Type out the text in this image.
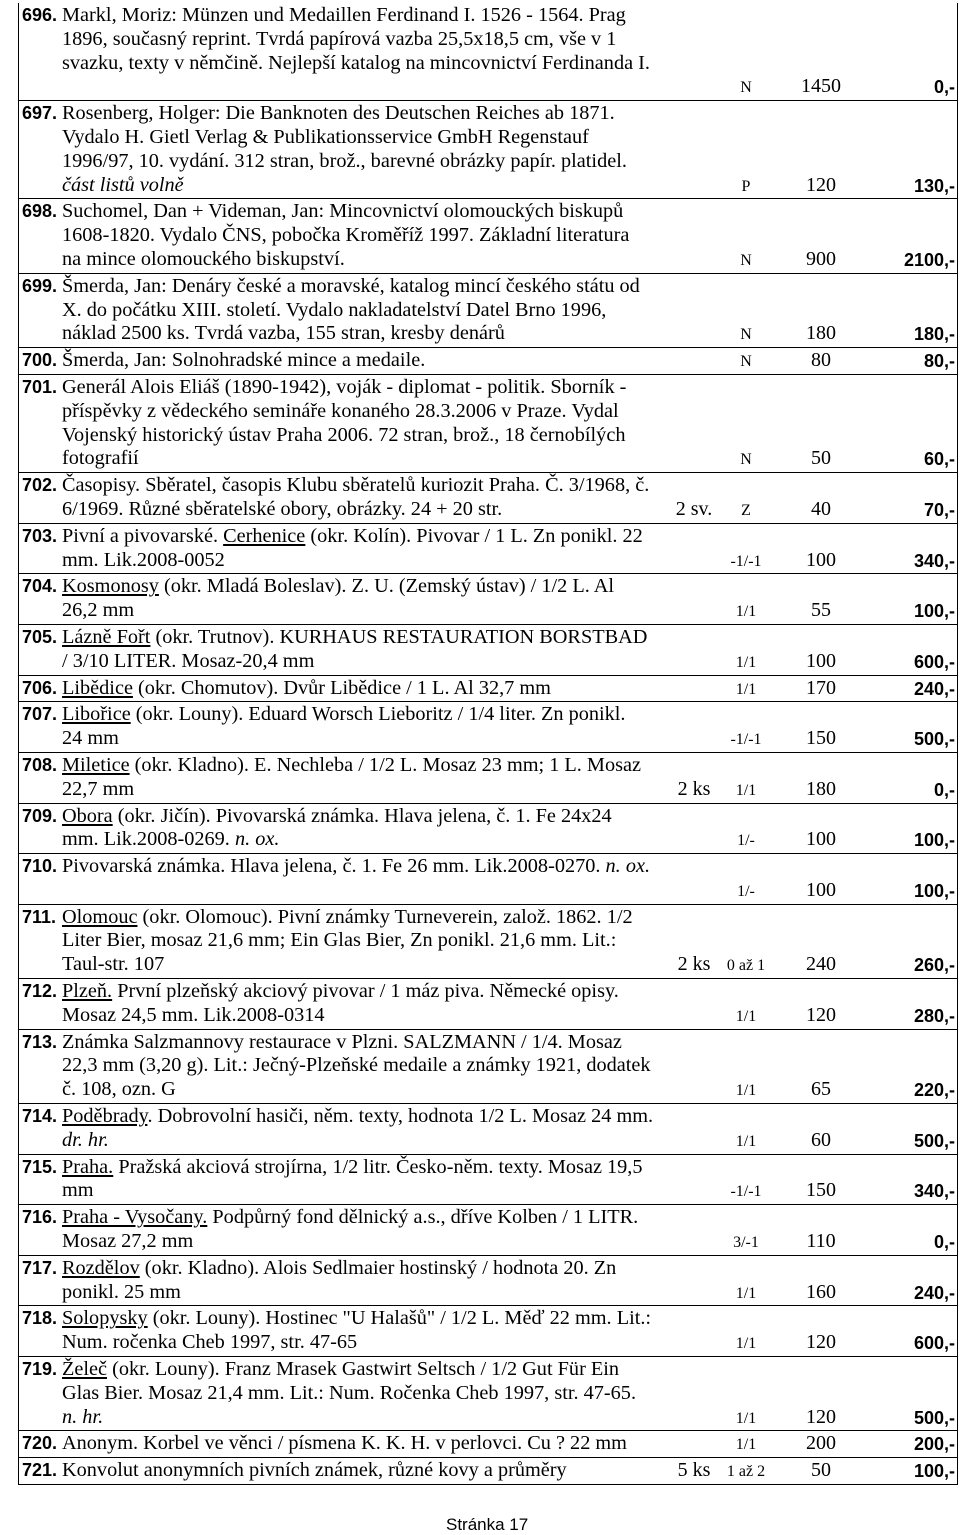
696. Markl, Moriz: Münzen und Medaillen Ferdinand I. 1526 - 1564. Prag
1896, současný reprint. Tvrdá papírová vazba 25,5x18,5 cm, vše v 1
svazku, texty v němčině. Nejlepší katalog na mincovnictví Ferdinanda I.
N	1450	0,-
697. Rosenberg, Holger: Die Banknoten des Deutschen Reiches ab 1871.
Vydalo H. Gietl Verlag & Publikationsservice GmbH Regenstauf
1996/97, 10. vydání. 312 stran, brož., barevné obrázky papír. platidel.
část listů volně	P	120	130,-
698. Suchomel, Dan + Videman, Jan: Mincovnictví olomouckých biskupů
1608-1820. Vydalo ČNS, pobočka Kroměříž 1997. Základní literatura
na mince olomouckého biskupství.	N	900	2100,-
699. Šmerda, Jan: Denáry české a moravské, katalog mincí českého státu od
X. do počátku XIII. století. Vydalo nakladatelství Datel Brno 1996,
náklad 2500 ks. Tvrdá vazba, 155 stran, kresby denárů	N	180	180,-
700. Šmerda, Jan: Solnohradské mince a medaile.	N	80	80,-
701. Generál Alois Eliáš (1890-1942), voják - diplomat - politik. Sborník -
příspěvky z vědeckého semináře konaného 28.3.2006 v Praze. Vydal
Vojenský historický ústav Praha 2006. 72 stran, brož., 18 černobílých
fotografií	N	50	60,-
702. Časopisy. Sběratel, časopis Klubu sběratelů kuriozit Praha. Č. 3/1968, č.
6/1969. Různé sběratelské obory, obrázky. 24 + 20 str.	2 sv.	Z	40	70,-
703. Pivní a pivovarské. Cerhenice (okr. Kolín). Pivovar / 1 L. Zn ponikl. 22
mm. Lik.2008-0052	-1/-1	100	340,-
704. Kosmonosy (okr. Mladá Boleslav). Z. U. (Zemský ústav) / 1/2 L. Al
26,2 mm	1/1	55	100,-
705. Lázně Fořt (okr. Trutnov). KURHAUS RESTAURATION BORSTBAD
/ 3/10 LITER. Mosaz-20,4 mm	1/1	100	600,-
706. Libědice (okr. Chomutov). Dvůr Libědice / 1 L. Al 32,7 mm	1/1	170	240,-
707. Libořice (okr. Louny). Eduard Worsch Lieboritz / 1/4 liter. Zn ponikl.
24 mm	-1/-1	150	500,-
708. Miletice (okr. Kladno). E. Nechleba / 1/2 L. Mosaz 23 mm; 1 L. Mosaz
22,7 mm	2 ks	1/1	180	0,-
709. Obora (okr. Jičín). Pivovarská známka. Hlava jelena, č. 1. Fe 24x24
mm. Lik.2008-0269. n. ox.	1/-	100	100,-
710. Pivovarská známka. Hlava jelena, č. 1. Fe 26 mm. Lik.2008-0270. n. ox.
1/-	100	100,-
711. Olomouc (okr. Olomouc). Pivní známky Turneverein, založ. 1862. 1/2
Liter Bier, mosaz 21,6 mm; Ein Glas Bier, Zn ponikl. 21,6 mm. Lit.:
Taul-str. 107	2 ks	0 až 1	240	260,-
712. Plzeň. První plzeňský akciový pivovar / 1 máz piva. Německé opisy.
Mosaz 24,5 mm. Lik.2008-0314	1/1	120	280,-
713. Známka Salzmannovy restaurace v Plzni. SALZMANN / 1/4. Mosaz
22,3 mm (3,20 g). Lit.: Ječný-Plzeňské medaile a známky 1921, dodatek
č. 108, ozn. G	1/1	65	220,-
714. Poděbrady. Dobrovolní hasiči, něm. texty, hodnota 1/2 L. Mosaz 24 mm.
dr. hr.	1/1	60	500,-
715. Praha. Pražská akciová strojírna, 1/2 litr. Česko-něm. texty. Mosaz 19,5
mm	-1/-1	150	340,-
716. Praha - Vysočany. Podpůrný fond dělnický a.s., dříve Kolben / 1 LITR.
Mosaz 27,2 mm	3/-1	110	0,-
717. Rozdělov (okr. Kladno). Alois Sedlmaier hostinský / hodnota 20. Zn
ponikl. 25 mm	1/1	160	240,-
718. Solopysky (okr. Louny). Hostinec "U Halašů" / 1/2 L. Měď 22 mm. Lit.:
Num. ročenka Cheb 1997, str. 47-65	1/1	120	600,-
719. Želeč (okr. Louny). Franz Mrasek Gastwirt Seltsch / 1/2 Gut Für Ein
Glas Bier. Mosaz 21,4 mm. Lit.: Num. Ročenka Cheb 1997, str. 47-65.
n. hr.	1/1	120	500,-
720. Anonym. Korbel ve věnci / písmena K. K. H. v perlovci. Cu ? 22 mm	1/1	200	200,-
721. Konvolut anonymních pivních známek, různé kovy a průměry	5 ks	1 až 2	50	100,-
Stránka 17
